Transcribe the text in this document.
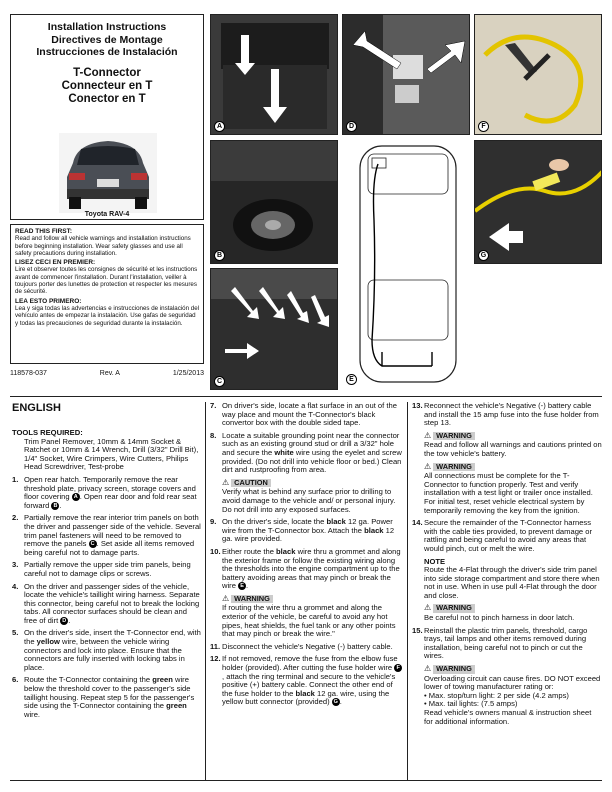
Installation Instructions
Directives de Montage
Instrucciones de Instalación
T-Connector
Connecteur en T
Conector en T
Toyota RAV-4

READ THIS FIRST:
Read and follow all vehicle warnings and installation instructions before beginning installation. Wear safety glasses and use all safety precautions during installation.

LISEZ CECI EN PREMIER:
Lire et observer toutes les consignes de sécurité et les instructions avant de commencer l'installation. Durant l'installation, veiller à toujours porter des lunettes de protection et respecter les mesures de sécurité.

LEA ESTO PRIMERO:
Lea y siga todas las advertencias e instrucciones de instalación del vehículo antes de empezar la instalación. Use gafas de seguridad y todas las precauciones de seguridad durante la instalación.

118578-037	Rev. A	1/25/2013
A	D	F
B	G
C	E
ENGLISH
TOOLS REQUIRED:
Trim Panel Remover, 10mm & 14mm Socket & Ratchet or 10mm & 14 Wrench, Drill (3/32" Drill Bit), 1/4" Socket, Wire Crimpers, Wire Cutters, Philips Head Screwdriver, Test-probe
1. Open rear hatch. Temporarily remove the rear threshold plate, privacy screen, storage covers and floor covering A . Open rear door and fold rear seat forward B .
2. Partially remove the rear interior trim panels on both the driver and passenger side of the vehicle. Several trim panel fasteners will need to be removed to remove the panels C . Set aside all items removed being careful not to damage parts.
3. Partially remove the upper side trim panels, being careful not to damage clips or screws.
4. On the driver and passenger sides of the vehicle, locate the vehicle's taillight wiring harness. Separate this connector, being careful not to break the locking tabs. All connector surfaces should be clean and free of dirt D .
5. On the driver's side, insert the T-Connector end, with the yellow wire, between the vehicle wiring connectors and lock into place. Ensure that the connectors are fully inserted with locking tabs in place.
6. Route the T-Connector containing the green wire below the threshold cover to the passenger's side taillight housing. Repeat step 5 for the passenger's side using the T-Connector containing the green wire.
7. On driver's side, locate a flat surface in an out of the way place and mount the T-Connector's black convertor box with the double sided tape.
8. Locate a suitable grounding point near the connector such as an existing ground stud or drill a 3/32" hole and secure the white wire using the eyelet and screw provided. (Do not drill into vehicle floor or bed.) Clean dirt and rustproofing from area.
⚠ CAUTION
Verify what is behind any surface prior to drilling to avoid damage to the vehicle and/ or personal injury. Do not drill into any exposed surfaces.
9. On the driver's side, locate the black 12 ga. Power wire from the T-Connector box. Attach the black 12 ga. wire provided.
10. Either route the black wire thru a grommet and along the exterior frame or follow the existing wiring along the thresholds into the engine compartment up to the battery avoiding areas that may pinch or break the wire E .
⚠ WARNING
If routing the wire thru a grommet and along the exterior of the vehicle, be careful to avoid any hot pipes, heat shields, the fuel tank or any other points that may pinch or break the wire."
11. Disconnect the vehicle's Negative (-) battery cable.
12. If not removed, remove the fuse from the elbow fuse holder (provided). After cutting the fuse holder wire F, attach the ring terminal and secure to the vehicle's positive (+) battery cable. Connect the other end of the fuse holder to the black 12 ga. wire, using the yellow butt connector (provided) G .
13. Reconnect the vehicle's Negative (-) battery cable and install the 15 amp fuse into the fuse holder from step 13.
⚠ WARNING
Read and follow all warnings and cautions printed on the tow vehicle's battery.
⚠ WARNING
All connections must be complete for the T-Connector to function properly. Test and verify installation with a test light or trailer once installed. For initial test, reset vehicle electrical system by temporarily removing the key from the ignition.
14. Secure the remainder of the T-Connector harness with the cable ties provided, to prevent damage or rattling and being careful to avoid any areas that would pinch, cut or melt the wire.
NOTE
Route the 4-Flat through the driver's side trim panel into side storage compartment and store there when not in use. When in use pull 4-Flat through the door and close.
⚠ WARNING
Be careful not to pinch harness in door latch.
15. Reinstall the plastic trim panels, threshold, cargo trays, tail lamps and other items removed during installation, being careful not to pinch or cut the wires.
⚠ WARNING
Overloading circuit can cause fires. DO NOT exceed lower of towing manufacturer rating or:
• Max. stop/turn light: 2 per side (4.2 amps)
• Max. tail lights: (7.5 amps)
Read vehicle's owners manual & instruction sheet for additional information.
